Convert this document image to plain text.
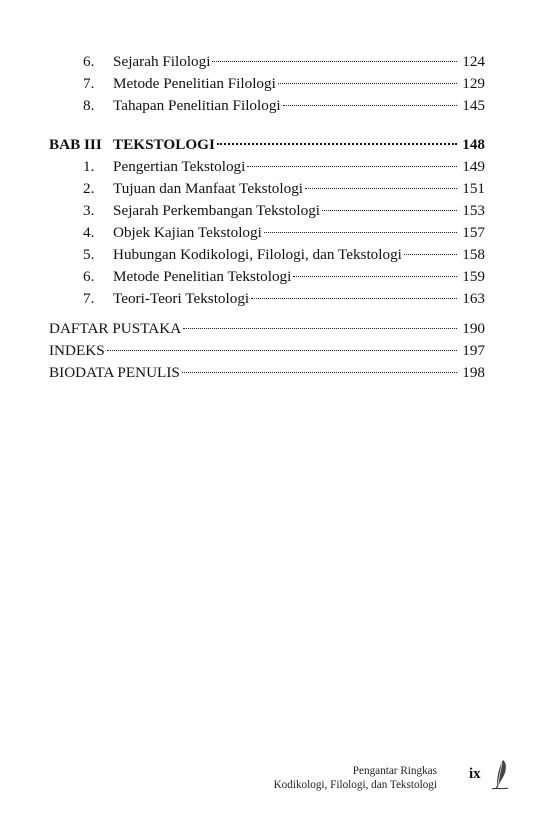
6.	Sejarah Filologi	124
7.	Metode Penelitian Filologi	129
8.	Tahapan Penelitian Filologi	145
BAB III TEKSTOLOGI	148
1.	Pengertian Tekstologi	149
2.	Tujuan dan Manfaat Tekstologi	151
3.	Sejarah Perkembangan Tekstologi	153
4.	Objek Kajian Tekstologi	157
5.	Hubungan Kodikologi, Filologi, dan Tekstologi	158
6.	Metode Penelitian Tekstologi	159
7.	Teori-Teori Tekstologi	163
DAFTAR PUSTAKA	190
INDEKS	197
BIODATA PENULIS	198
Pengantar Ringkas
Kodikologi, Filologi, dan Tekstologi
ix
